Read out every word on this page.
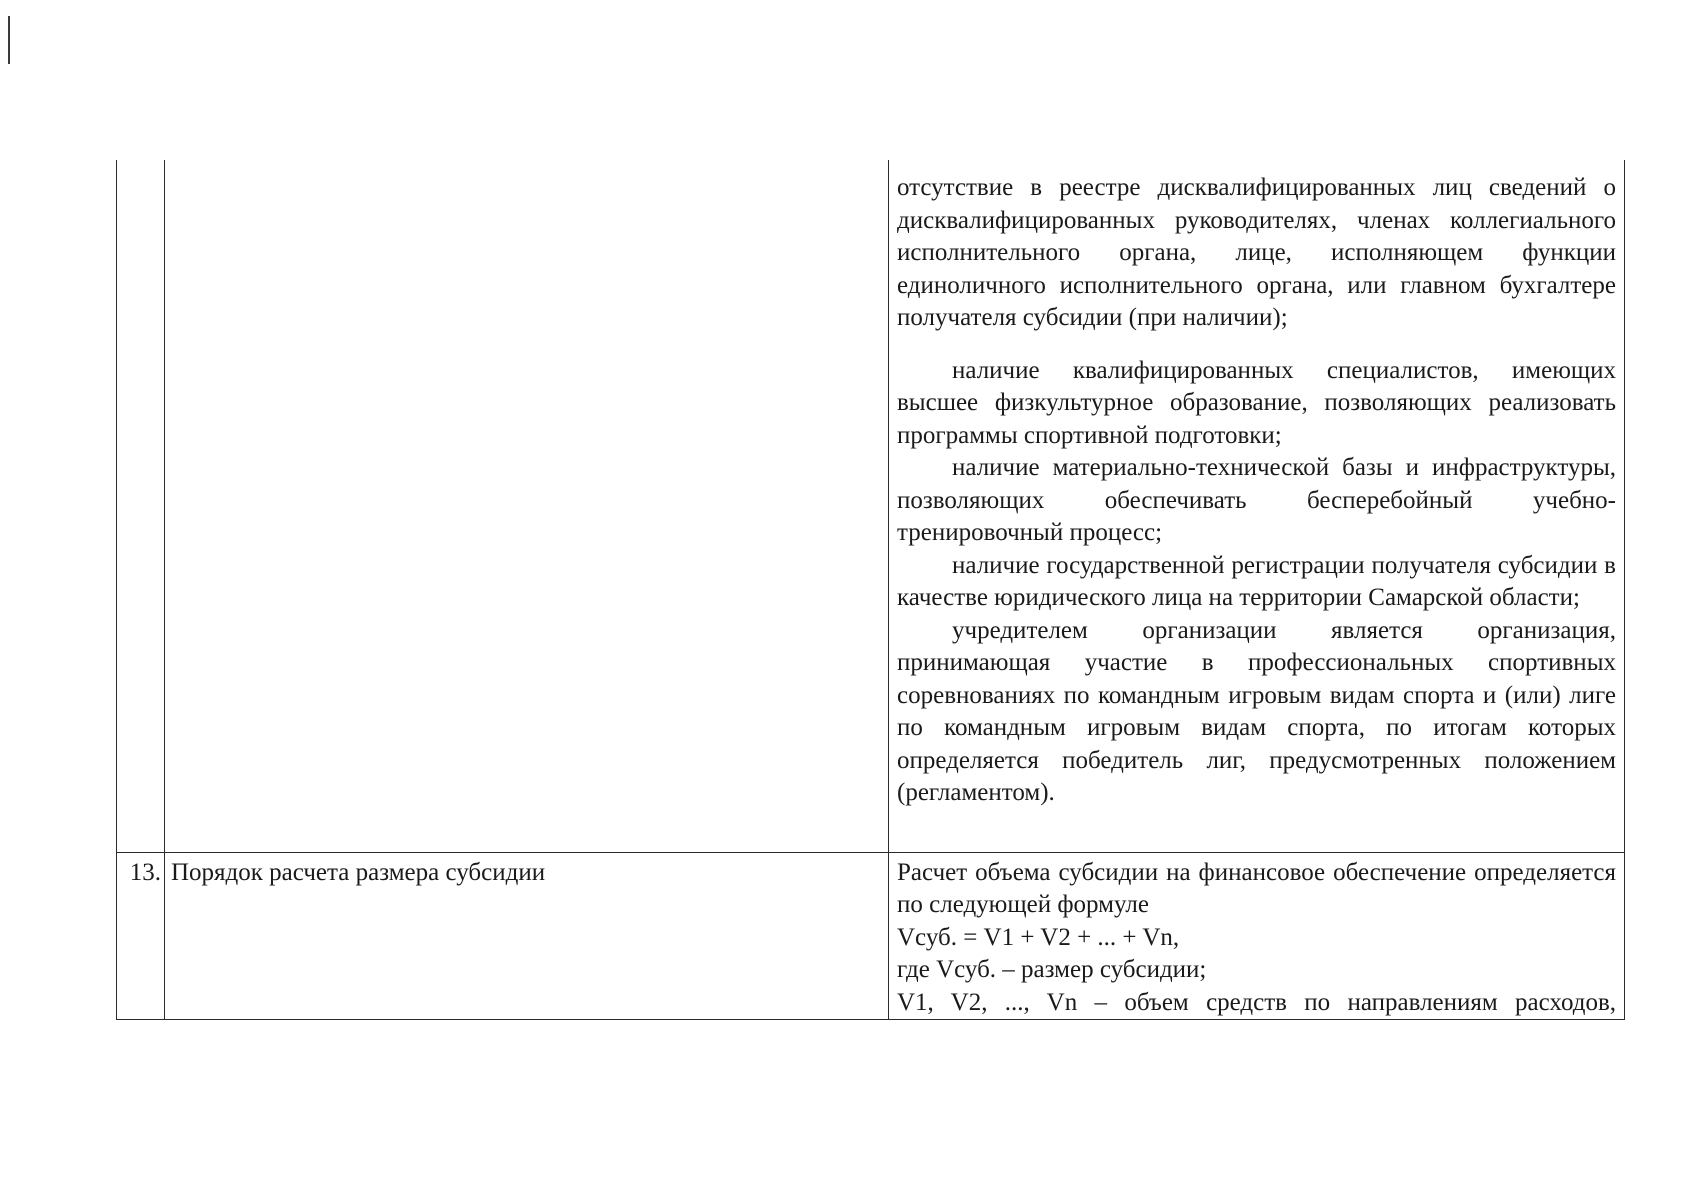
		отсутствие в реестре дисквалифицированных лиц сведений о дисквалифицированных руководителях, членах коллегиального исполнительного органа, лице, исполняющем функции единоличного исполнительного органа, или главном бухгалтере получателя субсидии (при наличии);

наличие квалифицированных специалистов, имеющих высшее физкультурное образование, позволяющих реализовать программы спортивной подготовки;

наличие материально-технической базы и инфраструктуры, позволяющих обеспечивать бесперебойный учебно-тренировочный процесс;

наличие государственной регистрации получателя субсидии в качестве юридического лица на территории Самарской области;

учредителем организации является организация, принимающая участие в профессиональных спортивных соревнованиях по командным игровым видам спорта и (или) лиге по командным игровым видам спорта, по итогам которых определяется победитель лиг, предусмотренных положением (регламентом).

13.	Порядок расчета размера субсидии	Расчет объема субсидии на финансовое обеспечение определяется по следующей формуле

Vсуб. = V1 + V2 + ... + Vn,

где Vсуб. – размер субсидии;

V1, V2, ..., Vn – объем средств по направлениям расходов,
